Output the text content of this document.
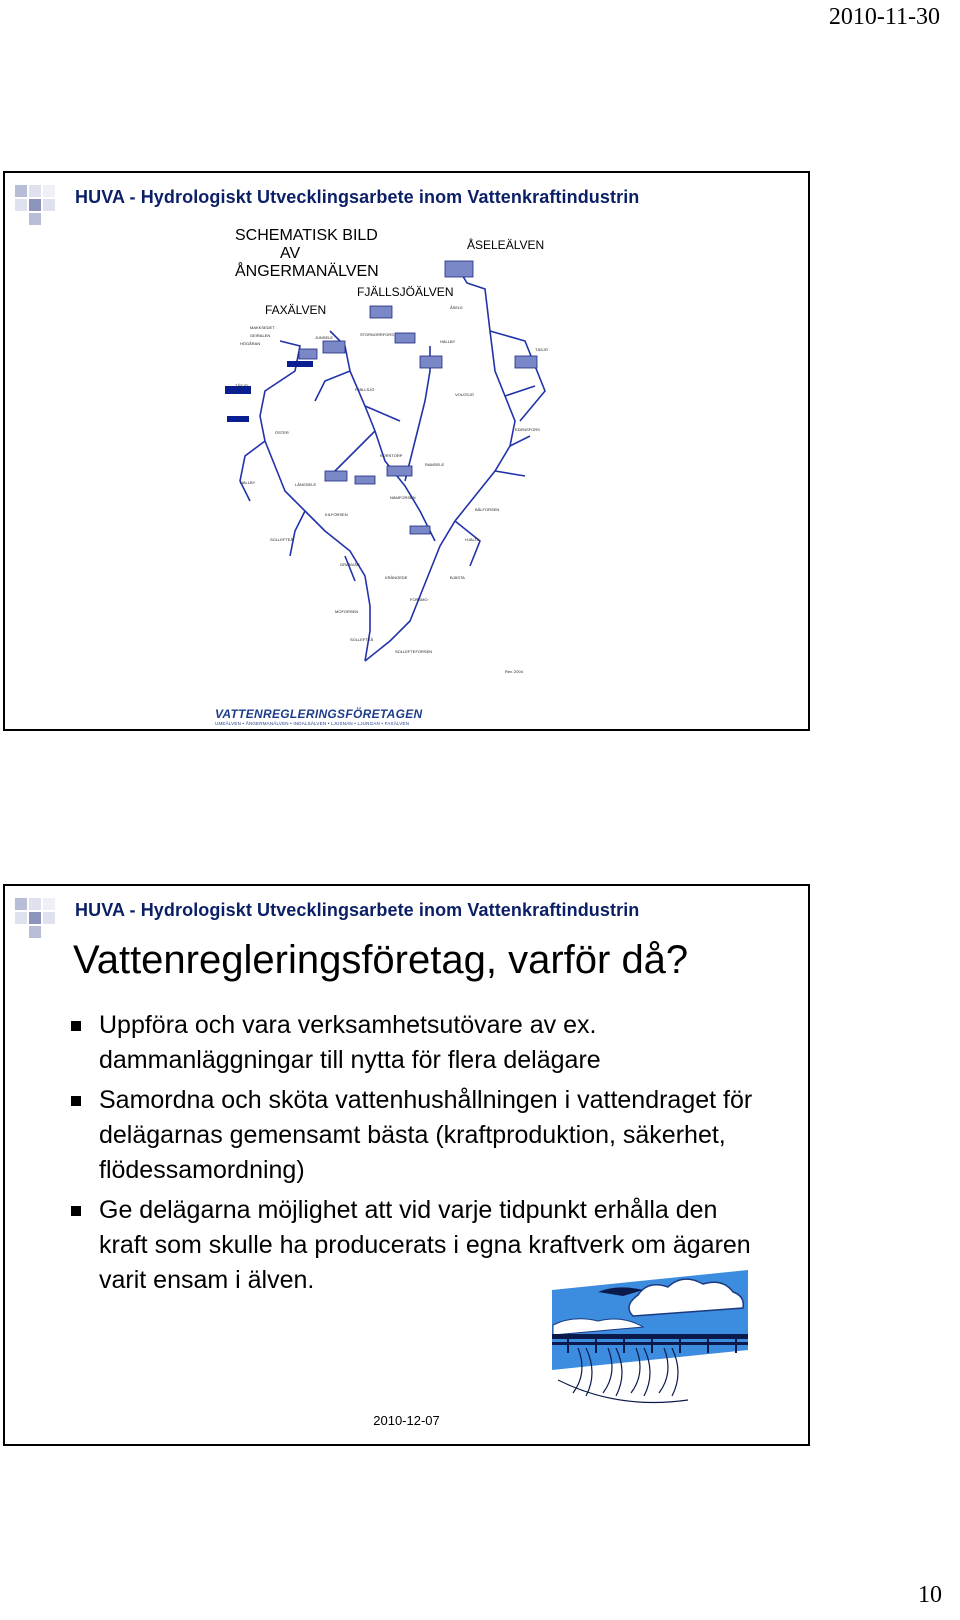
2010-11-30
HUVA - Hydrologiskt Utvecklingsarbete inom Vattenkraftindustrin
SCHEMATISK BILD
AV
ÅNGERMANÄLVEN
ÅSELEÄLVEN
FJÄLLSJÖÄLVEN
FAXÄLVEN
MAKKSEDET
GEIRALEN
HÖGÅRAN
JUNSELE
STORNORRFORS
ÅSELE
HÄLLBY
TÄSJÖ
TÅSJÖ
FJÄLLSJÖ
VOLGSJÖ
EDENSFORS
ÖSTER
KORSTORP
RAMSELE
HÄLLBY	LÅNGSELE
NÄMFORSEN
BÅLFORSEN
KILFORSEN
SOLLEFTEÅ	HJÄLTA
GRANVÅG
KRÅNGEDE	BJÄSTA
FORSMO
MOFORSEN
SOLLEFTEÅ
SOLLEFTEFORSEN
Rev. 2004
VATTENREGLERINGSFÖRETAGEN
UMEÄLVEN • ÅNGERMANÄLVEN • INDALSÄLVEN • LJUSNAN • LJUNGAN • FAXÄLVEN
HUVA - Hydrologiskt Utvecklingsarbete inom Vattenkraftindustrin
Vattenregleringsföretag, varför då?
Uppföra och vara verksamhetsutövare av ex. dammanläggningar till nytta för flera delägare
Samordna och sköta vattenhushållningen i vattendraget för delägarnas gemensamt bästa (kraftproduktion, säkerhet, flödessamordning)
Ge delägarna möjlighet att vid varje tidpunkt erhålla den kraft som skulle ha producerats i egna kraftverk om ägaren varit ensam i älven.
2010-12-07
10
